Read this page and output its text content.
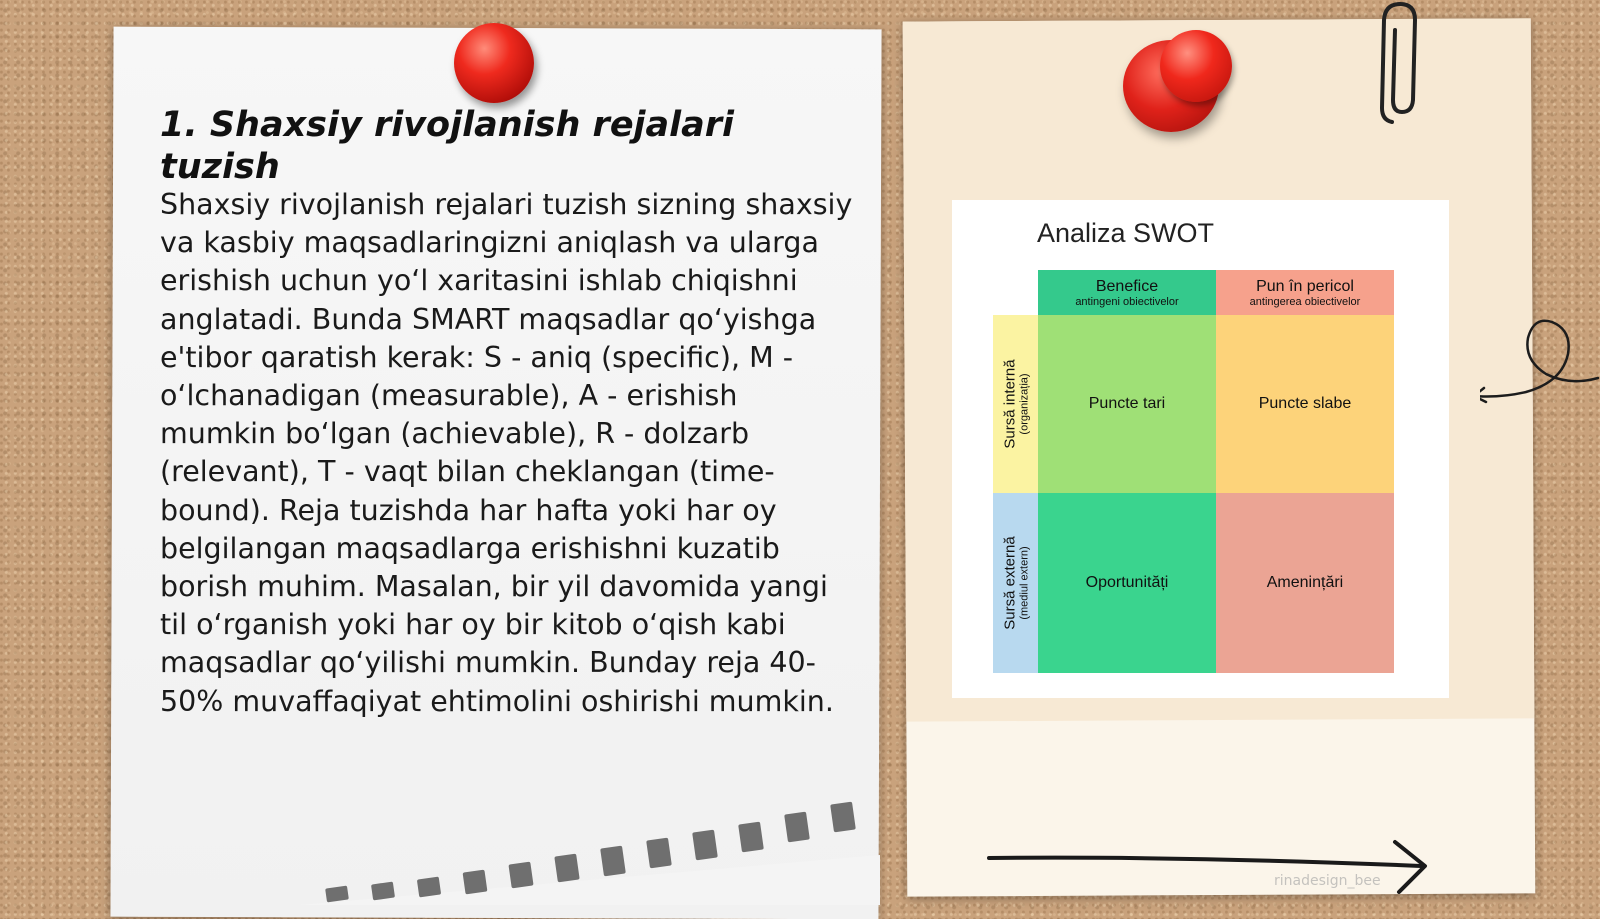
1. Shaxsiy rivojlanish rejalari tuzish

Shaxsiy rivojlanish rejalari tuzish sizning shaxsiy va kasbiy maqsadlaringizni aniqlash va ularga erishish uchun yo‘l xaritasini ishlab chiqishni anglatadi. Bunda SMART maqsadlar qo‘yishga e'tibor qaratish kerak: S - aniq (specific), M - o‘lchanadigan (measurable), A - erishish mumkin bo‘lgan (achievable), R - dolzarb (relevant), T - vaqt bilan cheklangan (time-bound). Reja tuzishda har hafta yoki har oy belgilangan maqsadlarga erishishni kuzatib borish muhim. Masalan, bir yil davomida yangi til o‘rganish yoki har oy bir kitob o‘qish kabi maqsadlar qo‘yilishi mumkin. Bunday reja 40-50% muvaffaqiyat ehtimolini oshirishi mumkin.

Analiza SWOT
Benefice
antingeni obiectivelor
Pun în pericol
antingerea obiectivelor
Sursă internă (organizația)
Sursă externă (mediul extern)
Puncte tari	Puncte slabe
Oportunități	Amenințări
rinadesign_bee
